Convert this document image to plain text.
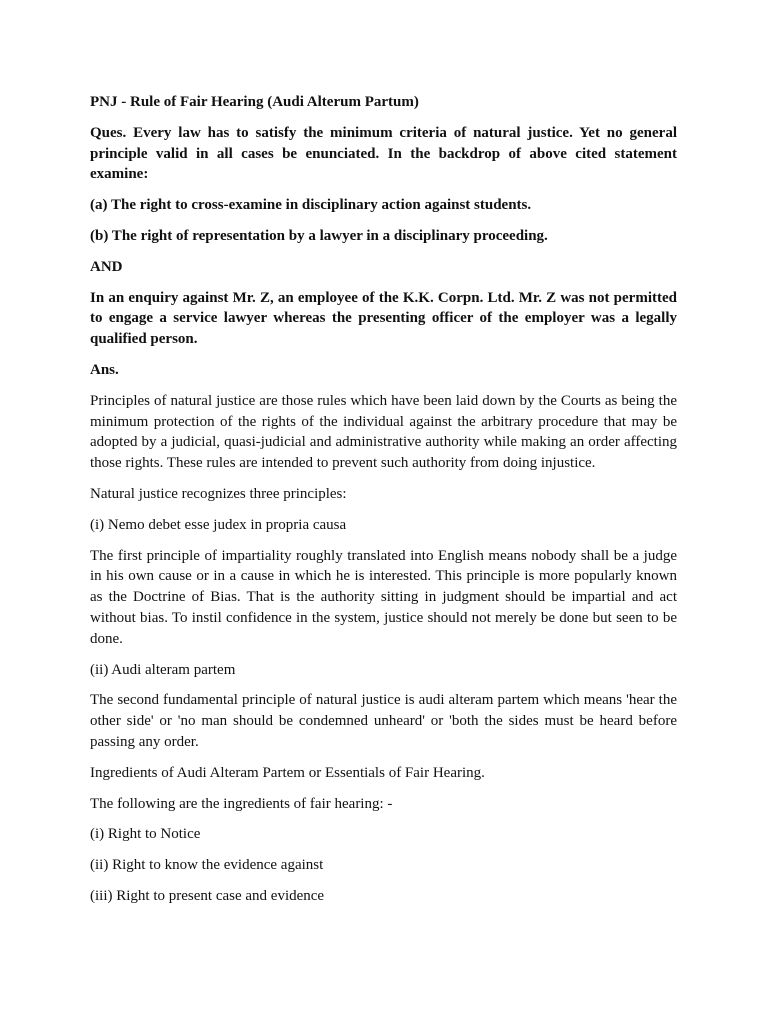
PNJ - Rule of Fair Hearing (Audi Alterum Partum)

Ques. Every law has to satisfy the minimum criteria of natural justice. Yet no general principle valid in all cases be enunciated. In the backdrop of above cited statement examine:

(a) The right to cross-examine in disciplinary action against students.

(b) The right of representation by a lawyer in a disciplinary proceeding.

AND

In an enquiry against Mr. Z, an employee of the K.K. Corpn. Ltd. Mr. Z was not permitted to engage a service lawyer whereas the presenting officer of the employer was a legally qualified person.

Ans.

Principles of natural justice are those rules which have been laid down by the Courts as being the minimum protection of the rights of the individual against the arbitrary procedure that may be adopted by a judicial, quasi-judicial and administrative authority while making an order affecting those rights. These rules are intended to prevent such authority from doing injustice.

Natural justice recognizes three principles:

(i) Nemo debet esse judex in propria causa

The first principle of impartiality roughly translated into English means nobody shall be a judge in his own cause or in a cause in which he is interested. This principle is more popularly known as the Doctrine of Bias. That is the authority sitting in judgment should be impartial and act without bias. To instil confidence in the system, justice should not merely be done but seen to be done.

(ii) Audi alteram partem

The second fundamental principle of natural justice is audi alteram partem which means 'hear the other side' or 'no man should be condemned unheard' or 'both the sides must be heard before passing any order.

Ingredients of Audi Alteram Partem or Essentials of Fair Hearing.

The following are the ingredients of fair hearing: -

(i) Right to Notice

(ii) Right to know the evidence against

(iii) Right to present case and evidence
